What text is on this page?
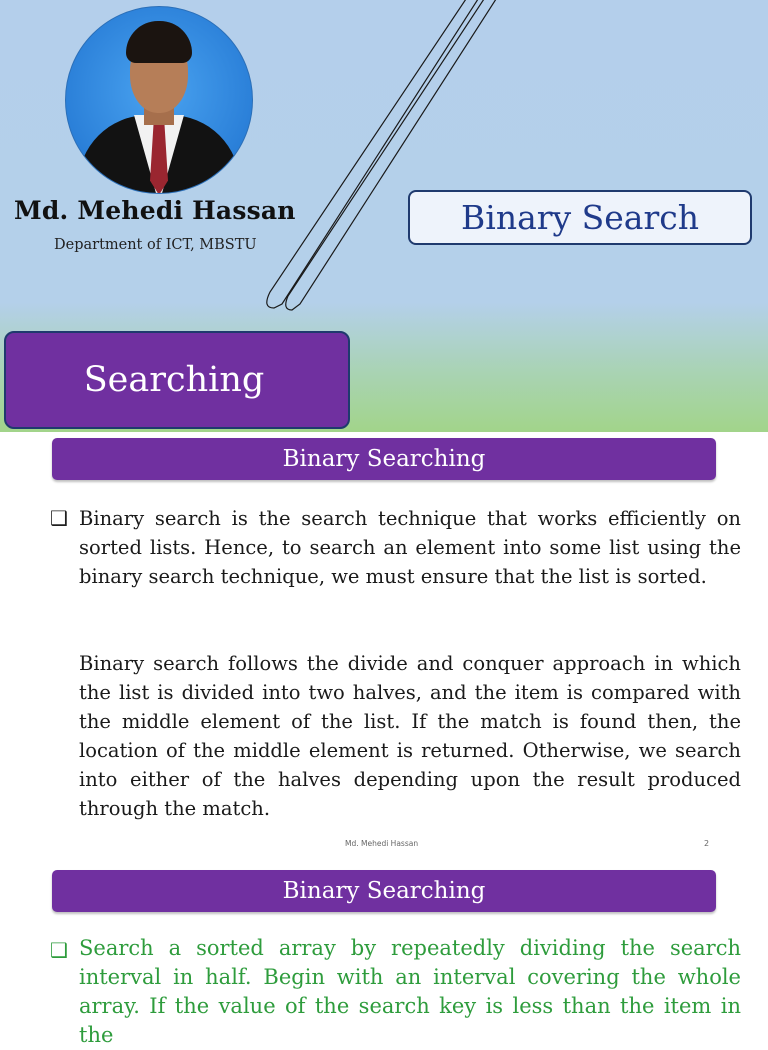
Md. Mehedi Hassan
Department of ICT, MBSTU
Binary Search
Searching
Binary Searching
❑ Binary search is the search technique that works efficiently on sorted lists. Hence, to search an element into some list using the binary search technique, we must ensure that the list is sorted.
Binary search follows the divide and conquer approach in which the list is divided into two halves, and the item is compared with the middle element of the list. If the match is found then, the location of the middle element is returned. Otherwise, we search into either of the halves depending upon the result produced through the match.
Md. Mehedi Hassan	2
Binary Searching
❑ Search a sorted array by repeatedly dividing the search interval in half. Begin with an interval covering the whole array. If the value of the search key is less than the item in the
